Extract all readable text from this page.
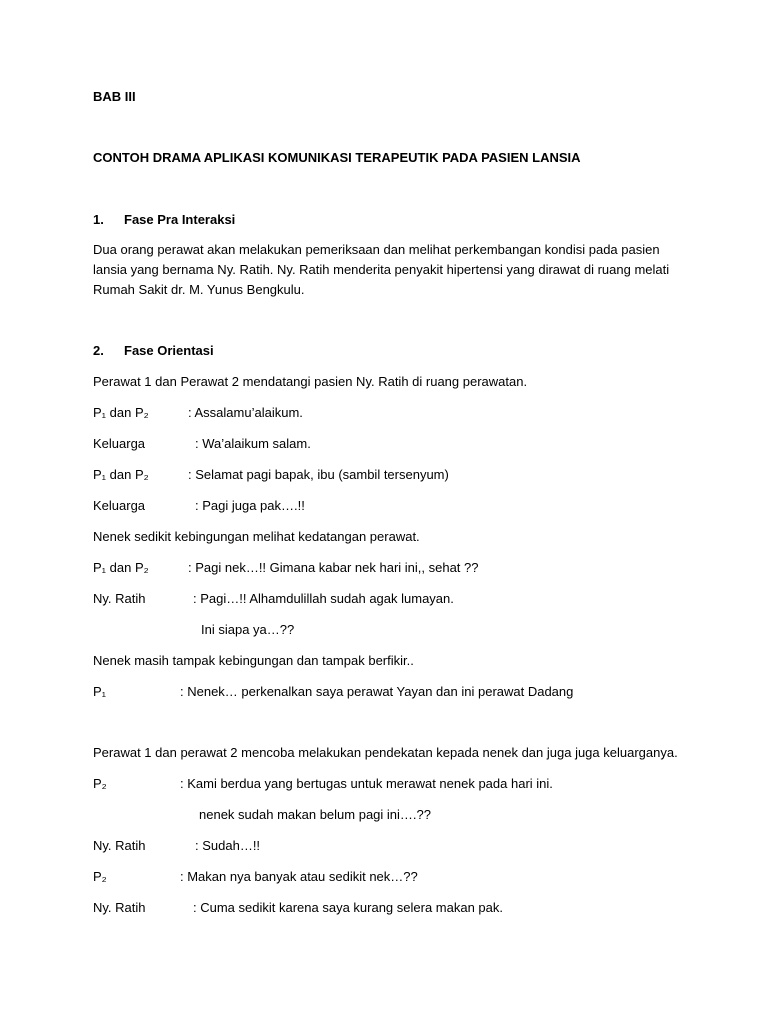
BAB III
CONTOH DRAMA APLIKASI KOMUNIKASI TERAPEUTIK PADA PASIEN LANSIA
1. Fase Pra Interaksi
Dua orang perawat akan melakukan pemeriksaan dan melihat perkembangan kondisi pada pasien
lansia yang bernama Ny. Ratih. Ny. Ratih menderita penyakit hipertensi yang dirawat di ruang melati
Rumah Sakit dr. M. Yunus Bengkulu.
2. Fase Orientasi
Perawat 1 dan Perawat 2 mendatangi pasien Ny. Ratih di ruang perawatan.
P₁ dan P₂	: Assalamu’alaikum.
Keluarga	: Wa’alaikum salam.
P₁ dan P₂	: Selamat pagi bapak, ibu (sambil tersenyum)
Keluarga	: Pagi juga pak….!!
Nenek sedikit kebingungan melihat kedatangan perawat.
P₁ dan P₂	: Pagi nek…!! Gimana kabar nek hari ini,, sehat ??
Ny. Ratih	: Pagi…!! Alhamdulillah sudah agak lumayan.
Ini siapa ya…??
Nenek masih tampak kebingungan dan tampak berfikir..
P₁	: Nenek… perkenalkan saya perawat Yayan dan ini perawat Dadang
Perawat 1 dan perawat 2 mencoba melakukan pendekatan kepada nenek dan juga juga keluarganya.
P₂	: Kami berdua yang bertugas untuk merawat nenek pada hari ini.
nenek sudah makan belum pagi ini….??
Ny. Ratih	: Sudah…!!
P₂	: Makan nya banyak atau sedikit nek…??
Ny. Ratih	: Cuma sedikit karena saya kurang selera makan pak.
